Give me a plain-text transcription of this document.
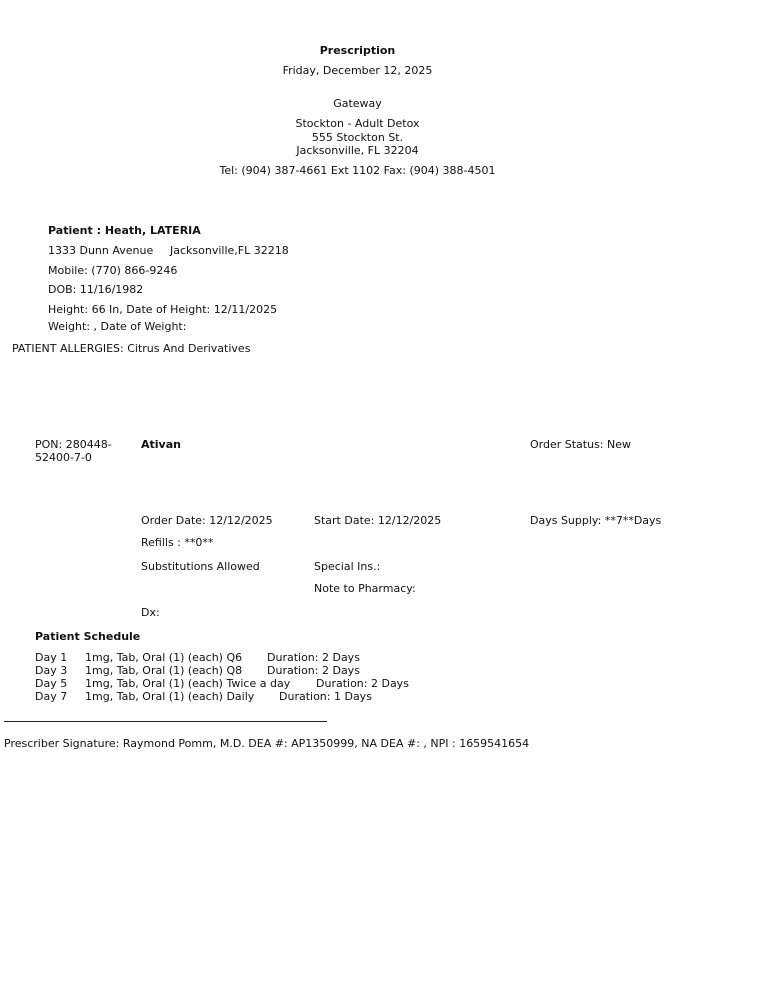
Prescription
Friday, December 12, 2025
Gateway
Stockton - Adult Detox
555 Stockton St.
Jacksonville, FL 32204
Tel: (904) 387-4661 Ext 1102 Fax: (904) 388-4501
Patient : Heath, LATERIA
1333 Dunn Avenue Jacksonville,FL 32218
Mobile: (770) 866-9246
DOB: 11/16/1982
Height: 66 In, Date of Height: 12/11/2025
Weight: , Date of Weight:
PATIENT ALLERGIES: Citrus And Derivatives
PON: 280448-
52400-7-0
Ativan	Order Status: New
Order Date: 12/12/2025	Start Date: 12/12/2025	Days Supply: **7**Days
Refills : **0**
Substitutions Allowed	Special Ins.:
Note to Pharmacy:
Dx:
Patient Schedule
Day 1 1mg, Tab, Oral (1) (each) Q6 Duration: 2 Days
Day 3 1mg, Tab, Oral (1) (each) Q8 Duration: 2 Days
Day 5 1mg, Tab, Oral (1) (each) Twice a day Duration: 2 Days
Day 7 1mg, Tab, Oral (1) (each) Daily Duration: 1 Days
Prescriber Signature: Raymond Pomm, M.D. DEA #: AP1350999, NA DEA #: , NPI : 1659541654
